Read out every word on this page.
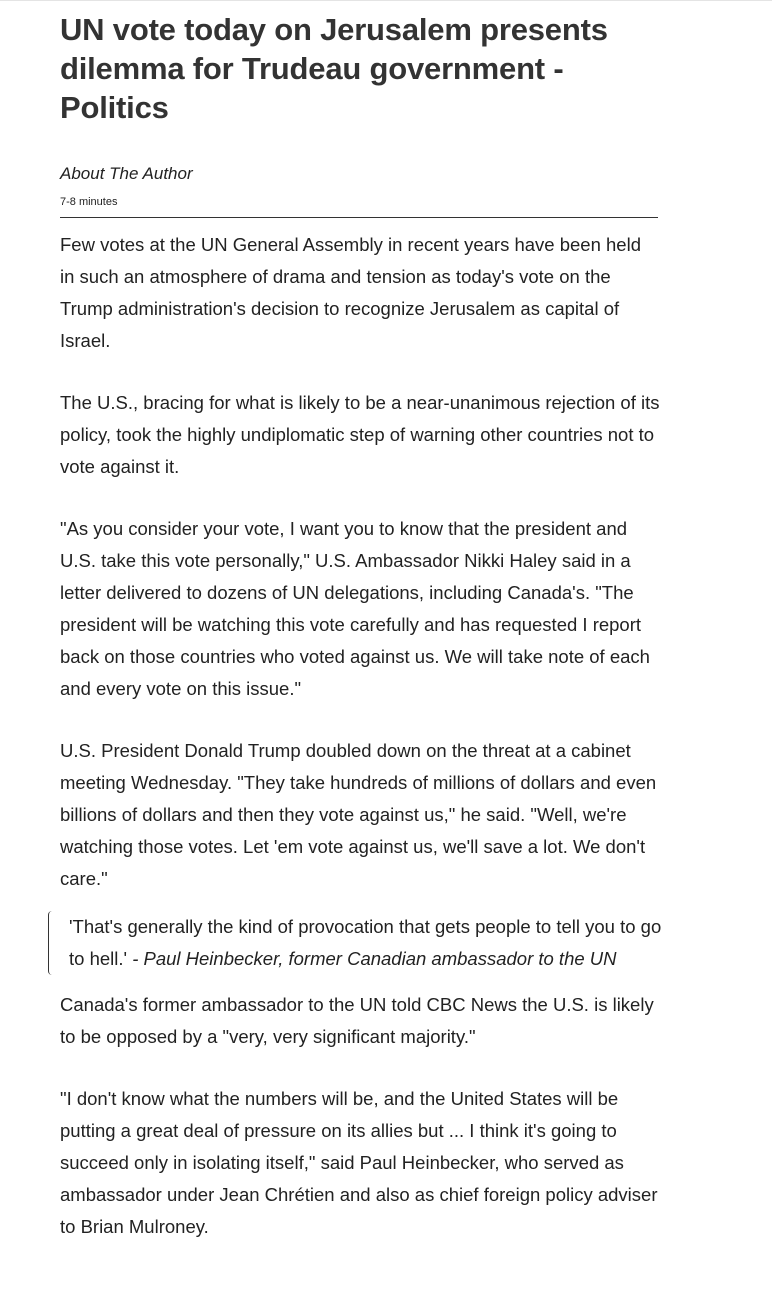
UN vote today on Jerusalem presents dilemma for Trudeau government - Politics
About The Author
7-8 minutes

Few votes at the UN General Assembly in recent years have been held in such an atmosphere of drama and tension as today's vote on the Trump administration's decision to recognize Jerusalem as capital of Israel.

The U.S., bracing for what is likely to be a near-unanimous rejection of its policy, took the highly undiplomatic step of warning other countries not to vote against it.

"As you consider your vote, I want you to know that the president and U.S. take this vote personally," U.S. Ambassador Nikki Haley said in a letter delivered to dozens of UN delegations, including Canada's. "The president will be watching this vote carefully and has requested I report back on those countries who voted against us. We will take note of each and every vote on this issue."

U.S. President Donald Trump doubled down on the threat at a cabinet meeting Wednesday. "They take hundreds of millions of dollars and even billions of dollars and then they vote against us," he said. "Well, we're watching those votes. Let 'em vote against us, we'll save a lot. We don't care."

'That's generally the kind of provocation that gets people to tell you to go to hell.' - Paul Heinbecker, former Canadian ambassador to the UN

Canada's former ambassador to the UN told CBC News the U.S. is likely to be opposed by a "very, very significant majority."

"I don't know what the numbers will be, and the United States will be putting a great deal of pressure on its allies but ... I think it's going to succeed only in isolating itself," said Paul Heinbecker, who served as ambassador under Jean Chrétien and also as chief foreign policy adviser to Brian Mulroney.
